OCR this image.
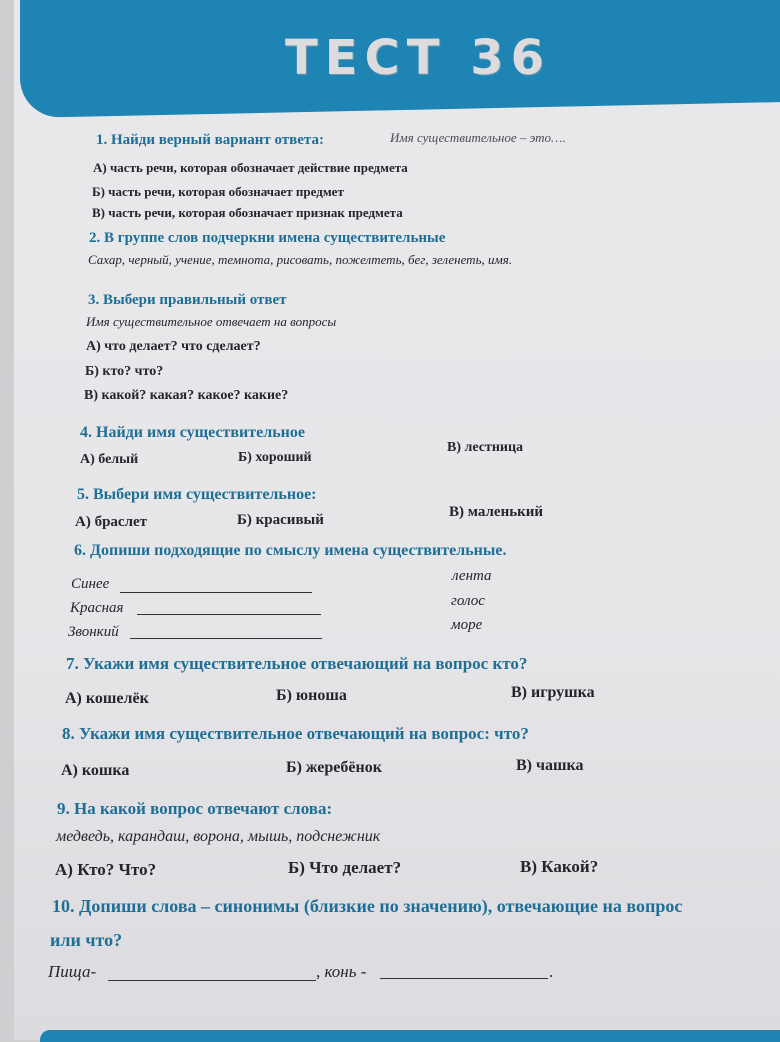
ТЕСТ 36
1. Найди верный вариант ответа:	Имя существительное – это….
А) часть речи, которая обозначает действие предмета
Б) часть речи, которая обозначает предмет
В) часть речи, которая обозначает признак предмета
2. В группе слов подчеркни имена существительные
Сахар, черный, учение, темнота, рисовать, пожелтеть, бег, зеленеть, имя.
3. Выбери правильный ответ
Имя существительное отвечает на вопросы
А) что делает? что сделает?
Б) кто? что?
В) какой? какая? какое? какие?
4. Найди имя существительное
А) белый	Б) хороший
В) лестница
5. Выбери имя существительное:
А) браслет	Б) красивый	В) маленький
6. Допиши подходящие по смыслу имена существительные.
Синее
Красная
Звонкий
лента
голос
море
7. Укажи имя существительное отвечающий на вопрос кто?
А) кошелёк	Б) юноша	В) игрушка
8. Укажи имя существительное отвечающий на вопрос: что?
А) кошка	Б) жеребёнок	В) чашка
9. На какой вопрос отвечают слова:
медведь, карандаш, ворона, мышь, подснежник
А) Кто? Что?	Б) Что делает?	В) Какой?
10. Допиши слова – синонимы (близкие по значению), отвечающие на вопрос
или что?
Пища-	, конь -	.
